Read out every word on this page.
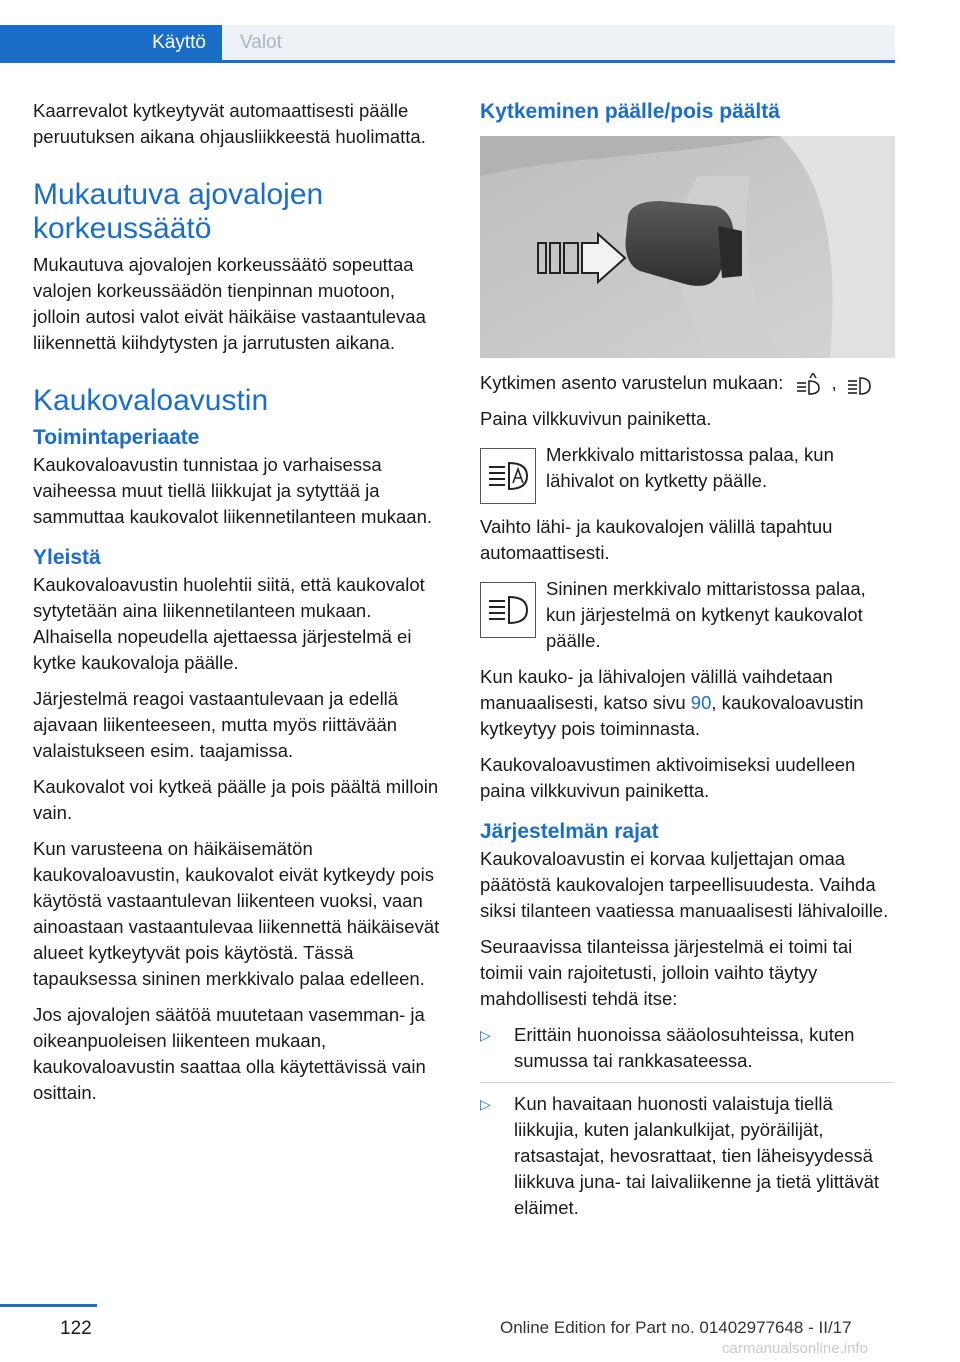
Käyttö Valot

Kaarrevalot kytkeytyvät automaattisesti päälle peruutuksen aikana ohjausliikkeestä huolimatta.

Mukautuva ajovalojen korkeussäätö

Mukautuva ajovalojen korkeussäätö sopeuttaa valojen korkeussäädön tienpinnan muotoon, jolloin autosi valot eivät häikäise vastaantulevaa liikennettä kiihdytysten ja jarrutusten aikana.

Kaukovaloavustin
Toimintaperiaate

Kaukovaloavustin tunnistaa jo varhaisessa vaiheessa muut tiellä liikkujat ja sytyttää ja sammuttaa kaukovalot liikennetilanteen mukaan.

Yleistä

Kaukovaloavustin huolehtii siitä, että kaukovalot sytytetään aina liikennetilanteen mukaan. Alhaisella nopeudella ajettaessa järjestelmä ei kytke kaukovaloja päälle.

Järjestelmä reagoi vastaantulevaan ja edellä ajavaan liikenteeseen, mutta myös riittävään valaistukseen esim. taajamissa.

Kaukovalot voi kytkeä päälle ja pois päältä milloin vain.

Kun varusteena on häikäisemätön kaukovaloavustin, kaukovalot eivät kytkeydy pois käytöstä vastaantulevan liikenteen vuoksi, vaan ainoastaan vastaantulevaa liikennettä häikäisevät alueet kytkeytyvät pois käytöstä. Tässä tapauksessa sininen merkkivalo palaa edelleen.

Jos ajovalojen säätöä muutetaan vasemman- ja oikeanpuoleisen liikenteen mukaan, kaukovaloavustin saattaa olla käytettävissä vain osittain.

Kytkeminen päälle/pois päältä

Kytkimen asento varustelun mukaan:	,

Paina vilkkuvivun painiketta.

Merkkivalo mittaristossa palaa, kun lähivalot on kytketty päälle.

Vaihto lähi- ja kaukovalojen välillä tapahtuu automaattisesti.

Sininen merkkivalo mittaristossa palaa, kun järjestelmä on kytkenyt kaukovalot päälle.

Kun kauko- ja lähivalojen välillä vaihdetaan manuaalisesti, katso sivu 90, kaukovaloavustin kytkeytyy pois toiminnasta.

Kaukovaloavustimen aktivoimiseksi uudelleen paina vilkkuvivun painiketta.

Järjestelmän rajat

Kaukovaloavustin ei korvaa kuljettajan omaa päätöstä kaukovalojen tarpeellisuudesta. Vaihda siksi tilanteen vaatiessa manuaalisesti lähivaloille.

Seuraavissa tilanteissa järjestelmä ei toimi tai toimii vain rajoitetusti, jolloin vaihto täytyy mahdollisesti tehdä itse:

▷ Erittäin huonoissa sääolosuhteissa, kuten sumussa tai rankkasateessa.
▷ Kun havaitaan huonosti valaistuja tiellä liikkujia, kuten jalankulkijat, pyöräilijät, ratsastajat, hevosrattaat, tien läheisyydessä liikkuva juna- tai laivaliikenne ja tietä ylittävät eläimet.
122	Online Edition for Part no. 01402977648 - II/17
carmanualsonline.info
